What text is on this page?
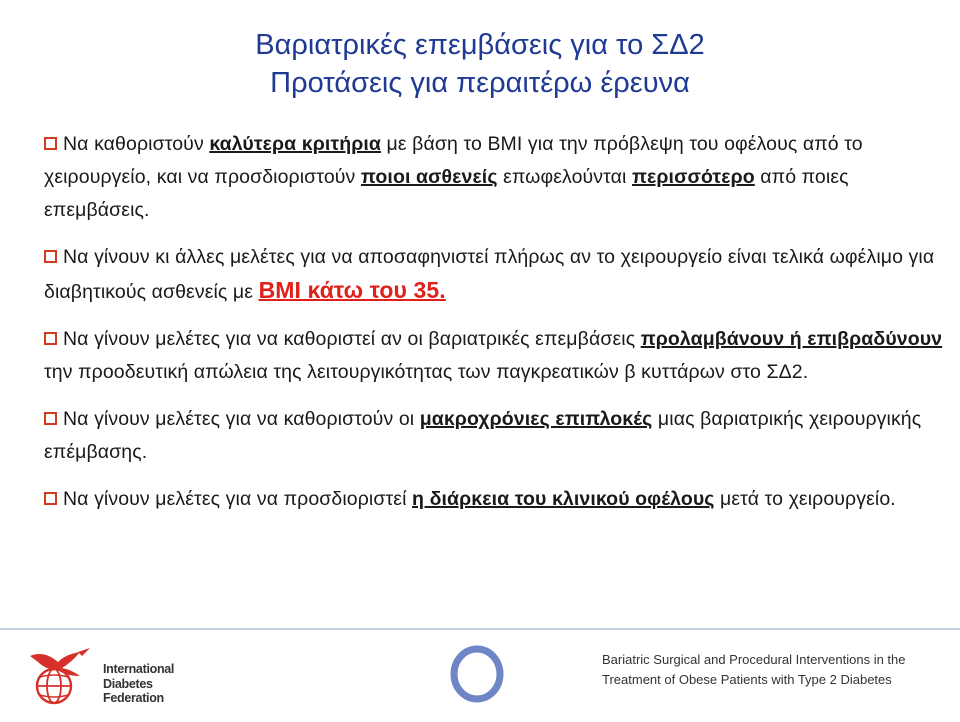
Βαριατρικές επεμβάσεις για το ΣΔ2
Προτάσεις για περαιτέρω έρευνα
Να καθοριστούν καλύτερα κριτήρια με βάση το ΒΜΙ για την πρόβλεψη του οφέλους από το χειρουργείο, και να προσδιοριστούν ποιοι ασθενείς επωφελούνται περισσότερο από ποιες επεμβάσεις.
Να γίνουν κι άλλες μελέτες για να αποσαφηνιστεί πλήρως αν το χειρουργείο είναι τελικά ωφέλιμο για διαβητικούς ασθενείς με ΒΜΙ κάτω του 35.
Να γίνουν μελέτες για να καθοριστεί αν οι βαριατρικές επεμβάσεις προλαμβάνουν ή επιβραδύνουν την προοδευτική απώλεια της λειτουργικότητας των παγκρεατικών β κυττάρων στο ΣΔ2.
Να γίνουν μελέτες για να καθοριστούν οι μακροχρόνιες επιπλοκές μιας βαριατρικής χειρουργικής επέμβασης.
Να γίνουν μελέτες για να προσδιοριστεί η διάρκεια του κλινικού οφέλους μετά το χειρουργείο.
International
Diabetes
Federation
Bariatric Surgical and Procedural Interventions in the
Treatment of Obese Patients with Type 2 Diabetes
